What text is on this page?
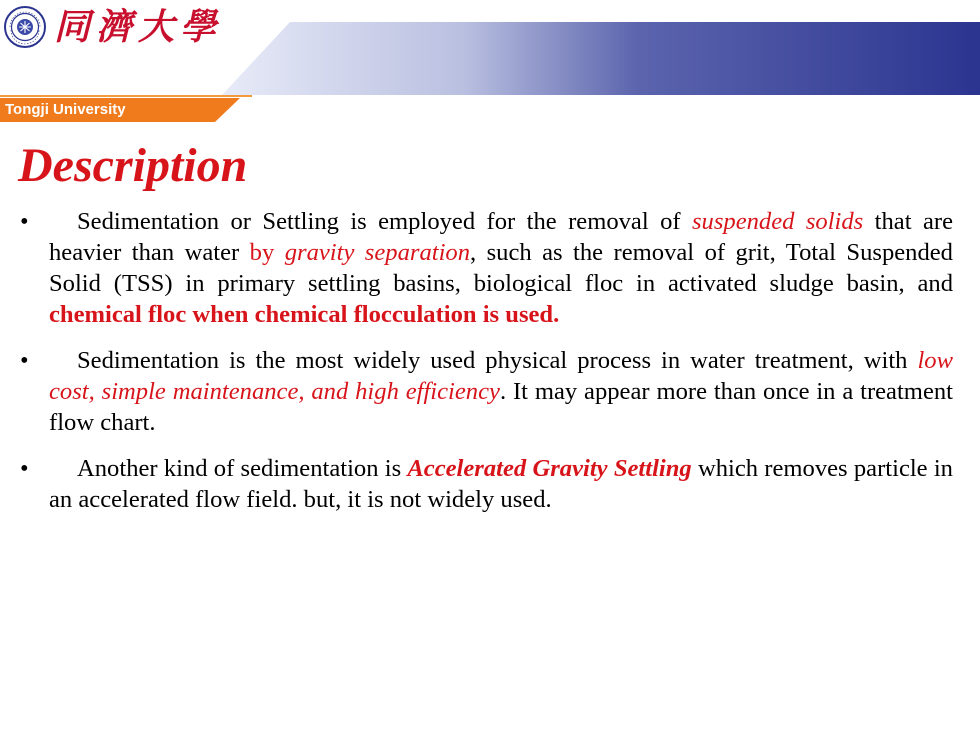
同濟大學
Tongji University
Description
• Sedimentation or Settling is employed for the removal of suspended solids that are heavier than water by gravity separation, such as the removal of grit, Total Suspended Solid (TSS) in primary settling basins, biological floc in activated sludge basin, and chemical floc when chemical flocculation is used.
• Sedimentation is the most widely used physical process in water treatment, with low cost, simple maintenance, and high efficiency. It may appear more than once in a treatment flow chart.
• Another kind of sedimentation is Accelerated Gravity Settling which removes particle in an accelerated flow field. but, it is not widely used.
